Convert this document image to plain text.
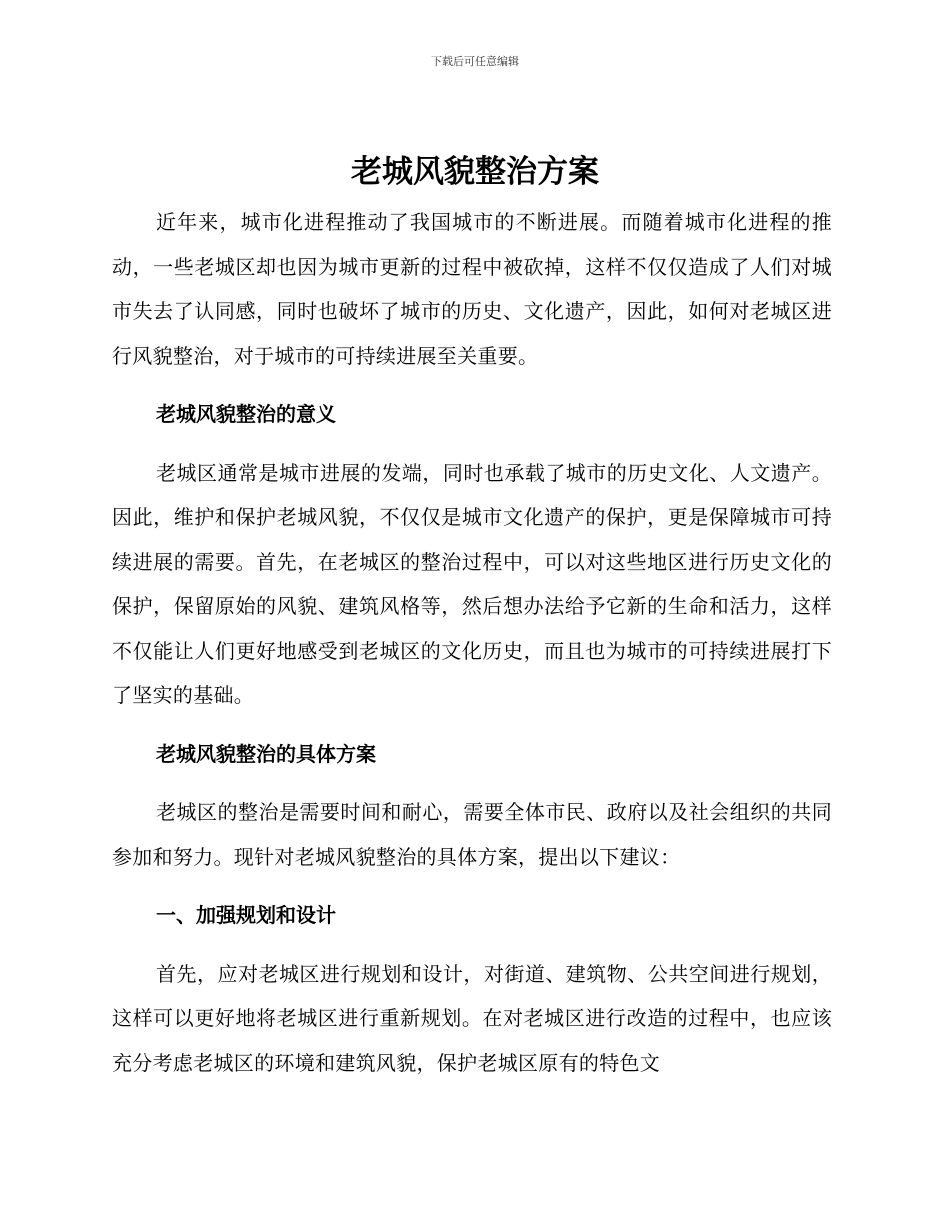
下载后可任意编辑
老城风貌整治方案

近年来，城市化进程推动了我国城市的不断进展。而随着城市化进程的推动，一些老城区却也因为城市更新的过程中被砍掉，这样不仅仅造成了人们对城市失去了认同感，同时也破坏了城市的历史、文化遗产，因此，如何对老城区进行风貌整治，对于城市的可持续进展至关重要。

老城风貌整治的意义

老城区通常是城市进展的发端，同时也承载了城市的历史文化、人文遗产。因此，维护和保护老城风貌，不仅仅是城市文化遗产的保护，更是保障城市可持续进展的需要。首先，在老城区的整治过程中，可以对这些地区进行历史文化的保护，保留原始的风貌、建筑风格等，然后想办法给予它新的生命和活力，这样不仅能让人们更好地感受到老城区的文化历史，而且也为城市的可持续进展打下了坚实的基础。

老城风貌整治的具体方案

老城区的整治是需要时间和耐心，需要全体市民、政府以及社会组织的共同参加和努力。现针对老城风貌整治的具体方案，提出以下建议：

一、加强规划和设计

首先，应对老城区进行规划和设计，对街道、建筑物、公共空间进行规划，这样可以更好地将老城区进行重新规划。在对老城区进行改造的过程中，也应该充分考虑老城区的环境和建筑风貌，保护老城区原有的特色文
